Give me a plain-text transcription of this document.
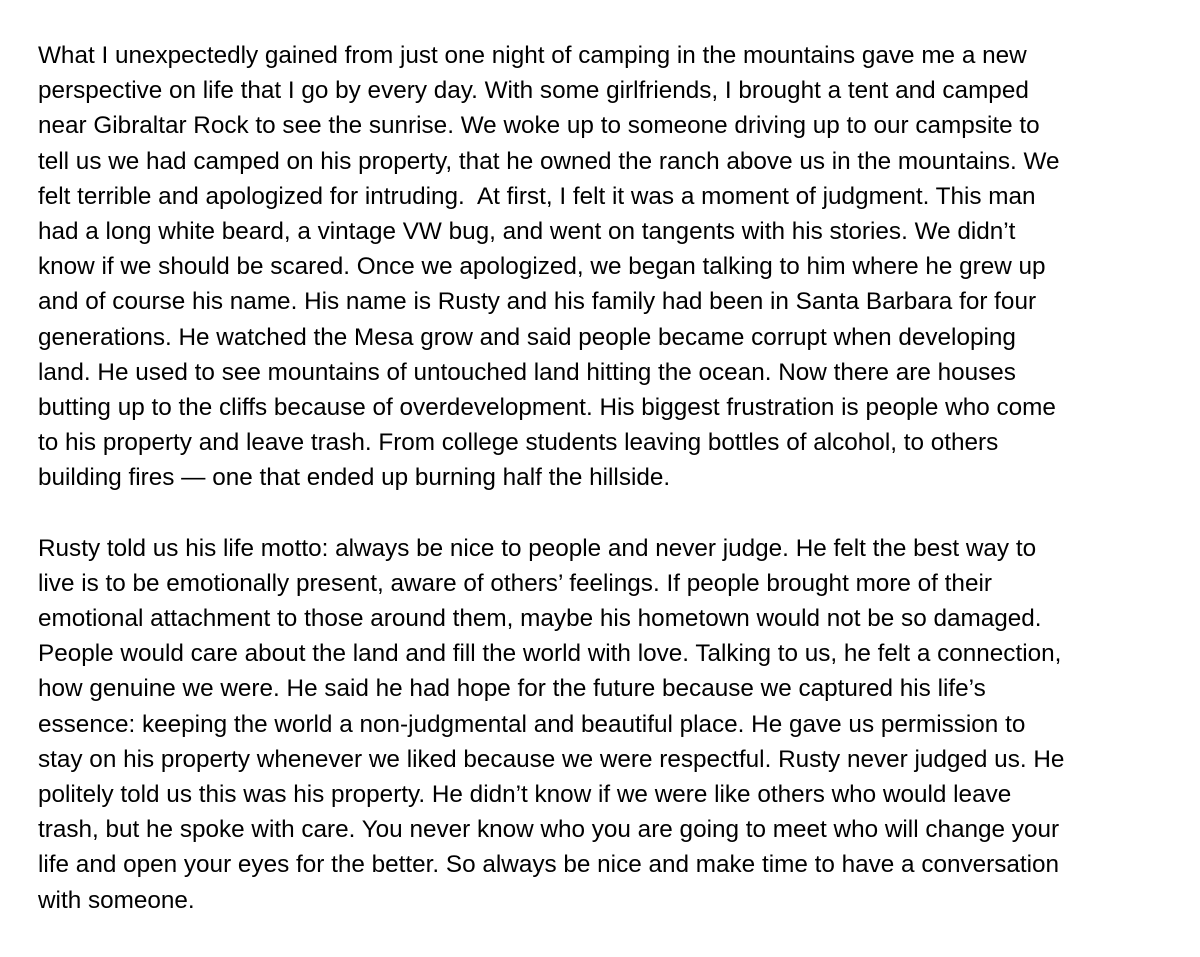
What I unexpectedly gained from just one night of camping in the mountains gave me a new
perspective on life that I go by every day. With some girlfriends, I brought a tent and camped
near Gibraltar Rock to see the sunrise. We woke up to someone driving up to our campsite to
tell us we had camped on his property, that he owned the ranch above us in the mountains. We
felt terrible and apologized for intruding.  At first, I felt it was a moment of judgment. This man
had a long white beard, a vintage VW bug, and went on tangents with his stories. We didn’t
know if we should be scared. Once we apologized, we began talking to him where he grew up
and of course his name. His name is Rusty and his family had been in Santa Barbara for four
generations. He watched the Mesa grow and said people became corrupt when developing
land. He used to see mountains of untouched land hitting the ocean. Now there are houses
butting up to the cliffs because of overdevelopment. His biggest frustration is people who come
to his property and leave trash. From college students leaving bottles of alcohol, to others
building fires — one that ended up burning half the hillside.

Rusty told us his life motto: always be nice to people and never judge. He felt the best way to
live is to be emotionally present, aware of others’ feelings. If people brought more of their
emotional attachment to those around them, maybe his hometown would not be so damaged.
People would care about the land and fill the world with love. Talking to us, he felt a connection,
how genuine we were. He said he had hope for the future because we captured his life’s
essence: keeping the world a non-judgmental and beautiful place. He gave us permission to
stay on his property whenever we liked because we were respectful. Rusty never judged us. He
politely told us this was his property. He didn’t know if we were like others who would leave
trash, but he spoke with care. You never know who you are going to meet who will change your
life and open your eyes for the better. So always be nice and make time to have a conversation
with someone.
